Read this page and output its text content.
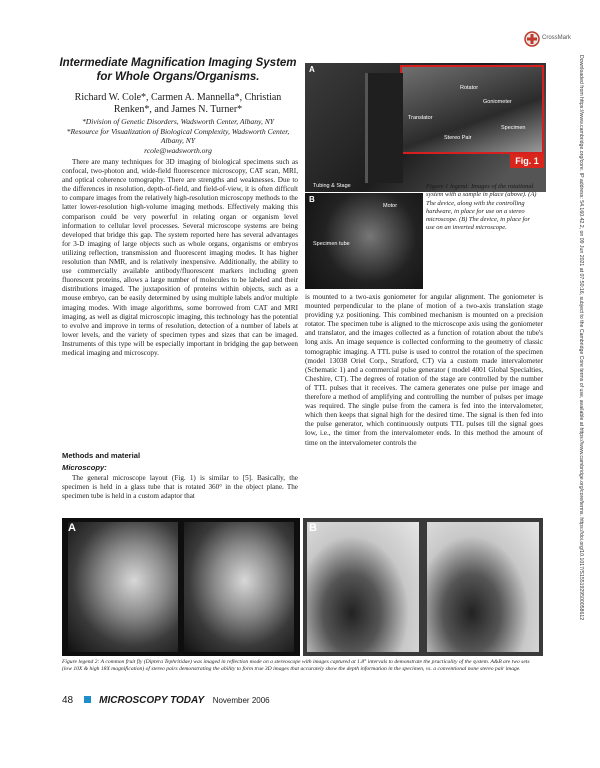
CrossMark
Intermediate Magnification Imaging System for Whole Organs/Organisms.
Richard W. Cole*, Carmen A. Mannella*, Christian Renken*, and James N. Turner*
*Division of Genetic Disorders, Wadsworth Center, Albany, NY
*Resource for Visualization of Biological Complexity, Wadsworth Center, Albany, NY
rcole@wadsworth.org

There are many techniques for 3D imaging of biological specimens such as confocal, two-photon and, wide-field fluorescence microscopy, CAT scan, MRI, and optical coherence tomography. There are strengths and weaknesses. Due to the differences in resolution, depth-of-field, and field-of-view, it is often difficult to compare images from the relatively high-resolution microscopy methods to the latter lower-resolution high-volume imaging methods. Effectively making this comparison could be very powerful in relating organ or organism level information to cellular level processes. Several microscope systems are being developed that bridge this gap. The system reported here has several advantages for 3-D imaging of large objects such as whole organs, organisms or embryos utilizing reflection, transmission and fluorescent imaging modes. It has higher resolution than NMR, and is relatively inexpensive. Additionally, the ability to use commercially available antibody/fluorescent markers including green fluorescent proteins, allows a large number of molecules to be labeled and their distributions imaged. The juxtaposition of proteins within objects, such as a mouse embryo, can be easily determined by using multiple labels and/or multiple imaging modes. With image algorithms, some borrowed from CAT and MRI imaging, as well as digital microscopic imaging, this technology has the potential to evolve and improve in terms of resolution, detection of a number of labels at lower levels, and the variety of specimen types and sizes that can be imaged. Instruments of this type will be especially important in bridging the gap between medical imaging and microscopy.

Methods and material
Microscopy:

The general microscope layout (Fig. 1) is similar to [5]. Basically, the specimen is held in a glass tube that is rotated 360° in the object plane. The specimen tube is held in a custom adaptor that

is mounted to a two-axis goniometer for angular alignment. The goniometer is mounted perpendicular to the plane of motion of a two-axis translation stage providing y,z positioning. This combined mechanism is mounted on a precision rotator. The specimen tube is aligned to the microscope axis using the goniometer and translator, and the images collected as a function of rotation about the tube's long axis. An image sequence is collected conforming to the geometry of classic tomographic imaging. A TTL pulse is used to control the rotation of the specimen (model 13038 Oriel Corp., Stratford, CT) via a custom made intervalometer (Schematic 1) and a commercial pulse generator ( model 4001 Global Specialties, Cheshire, CT). The degrees of rotation of the stage are controlled by the number of TTL pulses that it receives. The camera generates one pulse per image and therefore a method of amplifying and controlling the number of pulses per image was required. The single pulse from the camera is fed into the intervalometer, which then keeps that signal high for the desired time. The signal is then fed into the pulse generator, which continuously outputs TTL pulses till the signal goes low, i.e., the timer from the intervalometer ends. In this method the amount of time on the intervalometer controls the

A
Rotator
Translator
Specimen
Goniometer
Stereo Pair
Tubing & Stage
Fig. 1
B
Motor
Specimen tube
Figure 1 legend: Images of the rotational system with a sample in place (above). (A) The device, along with the controlling hardware, in place for use on a stereo microscope. (B) The device, in place for use on an inverted microscope.
A	B
Figure legend 2: A common fruit fly (Diptera Tephritidae) was imaged in reflection mode on a stereoscope with images captured at 1.8° intervals to demonstrate the practicality of the system. A&B are two sets (low 10X & high 18X magnification) of stereo pairs demonstrating the ability to form true 3D images that accurately show the depth information in the specimen, vs. a conventional none stereo pair image.
48	MICROSCOPY TODAY November 2006
Downloaded from https://www.cambridge.org/core. IP address: 54.160.42.2, on 09 Jun 2021 at 07:50:16, subject to the Cambridge Core terms of use, available at https://www.cambridge.org/core/terms. https://doi.org/10.1017/S1551929500058612
